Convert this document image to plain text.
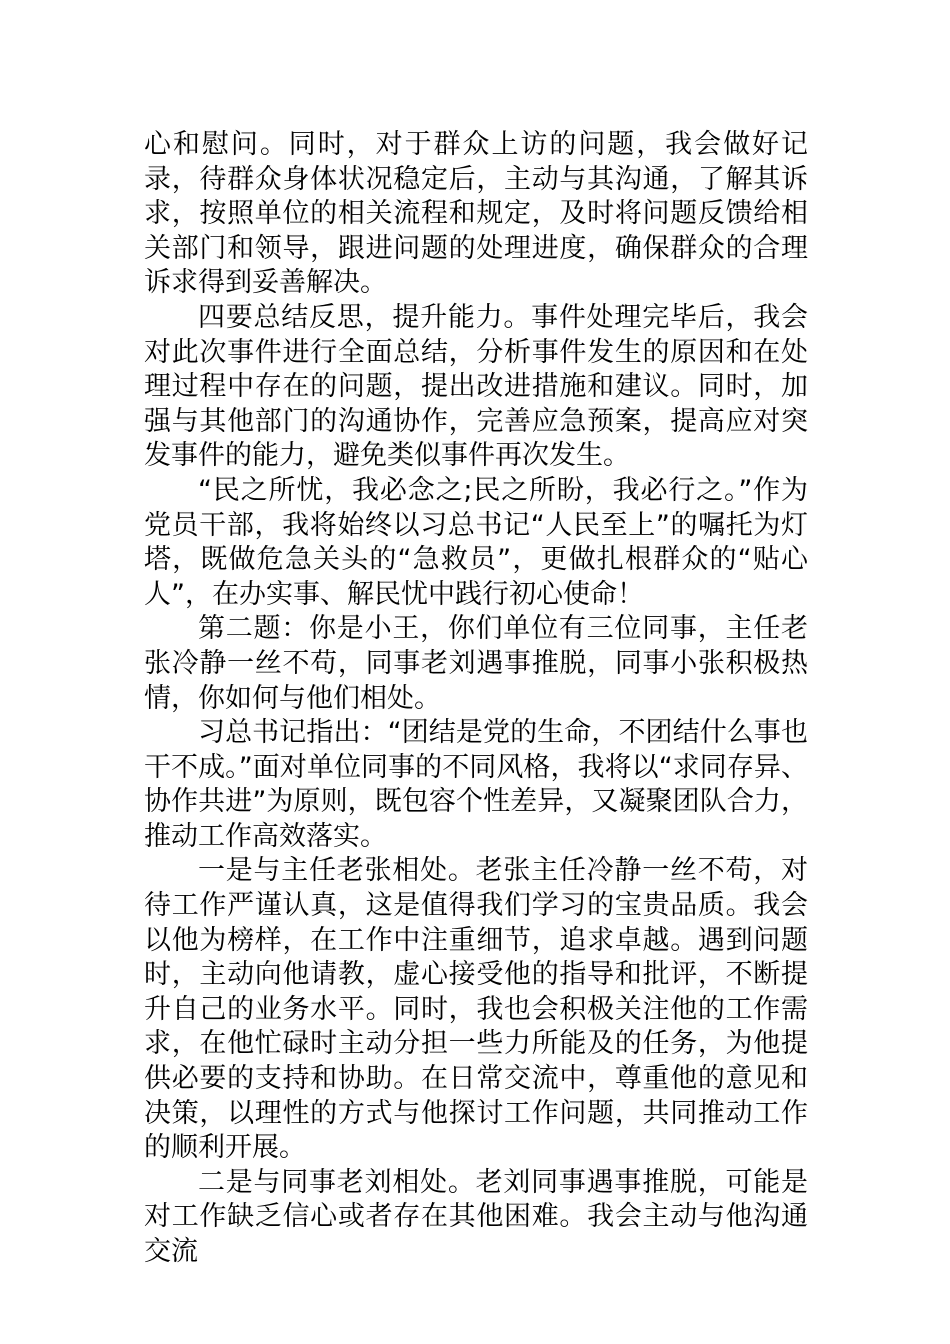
心和慰问。同时，对于群众上访的问题，我会做好记录，待群众身体状况稳定后，主动与其沟通，了解其诉求，按照单位的相关流程和规定，及时将问题反馈给相关部门和领导，跟进问题的处理进度，确保群众的合理诉求得到妥善解决。

四要总结反思，提升能力。事件处理完毕后，我会对此次事件进行全面总结，分析事件发生的原因和在处理过程中存在的问题，提出改进措施和建议。同时，加强与其他部门的沟通协作，完善应急预案，提高应对突发事件的能力，避免类似事件再次发生。

“民之所忧，我必念之;民之所盼，我必行之。”作为党员干部，我将始终以习总书记“人民至上”的嘱托为灯塔，既做危急关头的“急救员”，更做扎根群众的“贴心人”，在办实事、解民忧中践行初心使命！

第二题：你是小王，你们单位有三位同事，主任老张冷静一丝不苟，同事老刘遇事推脱，同事小张积极热情，你如何与他们相处。

习总书记指出：“团结是党的生命，不团结什么事也干不成。”面对单位同事的不同风格，我将以“求同存异、协作共进”为原则，既包容个性差异，又凝聚团队合力，推动工作高效落实。

一是与主任老张相处。老张主任冷静一丝不苟，对待工作严谨认真，这是值得我们学习的宝贵品质。我会以他为榜样，在工作中注重细节，追求卓越。遇到问题时，主动向他请教，虚心接受他的指导和批评，不断提升自己的业务水平。同时，我也会积极关注他的工作需求，在他忙碌时主动分担一些力所能及的任务，为他提供必要的支持和协助。在日常交流中，尊重他的意见和决策，以理性的方式与他探讨工作问题，共同推动工作的顺利开展。

二是与同事老刘相处。老刘同事遇事推脱，可能是对工作缺乏信心或者存在其他困难。我会主动与他沟通交流
